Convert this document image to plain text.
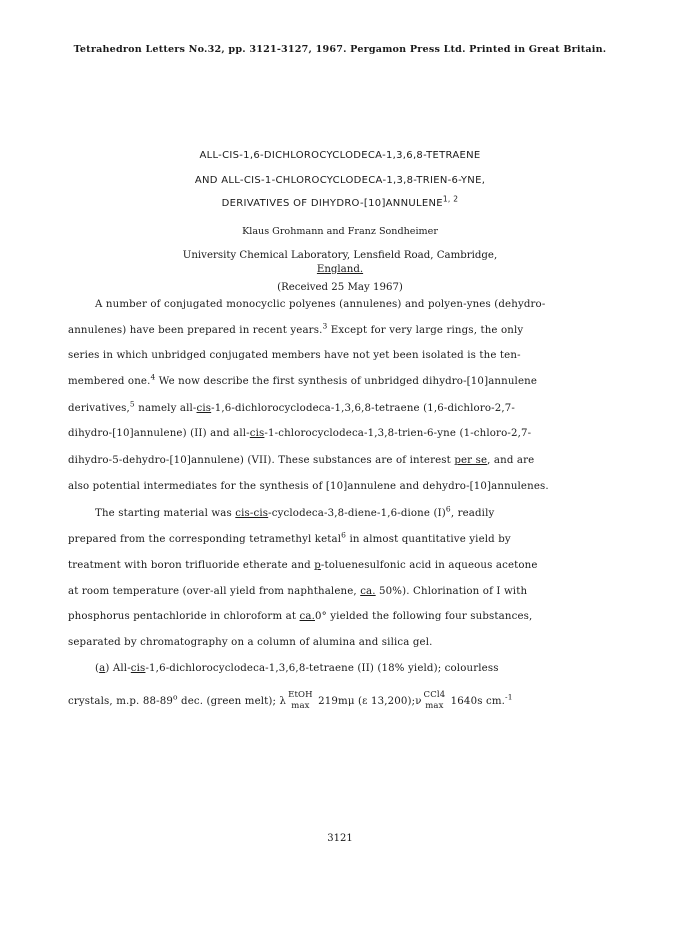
Tetrahedron Letters No.32, pp. 3121-3127, 1967. Pergamon Press Ltd. Printed in Great Britain.
ALL-CIS-1,6-DICHLOROCYCLODECA-1,3,6,8-TETRAENE
AND ALL-CIS-1-CHLOROCYCLODECA-1,3,8-TRIEN-6-YNE,
DERIVATIVES OF DIHYDRO-[10]ANNULENE$^{1, 2}$
Klaus Grohmann and Franz Sondheimer
University Chemical Laboratory, Lensfield Road, Cambridge,
England.
(Received 25 May 1967)
A number of conjugated monocyclic polyenes (annulenes) and polyen-ynes (dehydro-
annulenes) have been prepared in recent years.$^3$ Except for very large rings, the only
series in which unbridged conjugated members have not yet been isolated is the ten-
membered one.$^4$ We now describe the first synthesis of unbridged dihydro-[10]annulene
derivatives,$^5$ namely all-cis-1,6-dichlorocyclodeca-1,3,6,8-tetraene (1,6-dichloro-2,7-
dihydro-[10]annulene) (II) and all-cis-1-chlorocyclodeca-1,3,8-trien-6-yne (1-chloro-2,7-
dihydro-5-dehydro-[10]annulene) (VII). These substances are of interest per se, and are
also potential intermediates for the synthesis of [10]annulene and dehydro-[10]annulenes.
The starting material was cis-cis-cyclodeca-3,8-diene-1,6-dione $(I)^6$, readily
prepared from the corresponding tetramethyl ketal$^6$ in almost quantitative yield by
treatment with boron trifluoride etherate and p-toluenesulfonic acid in aqueous acetone
at room temperature (over-all yield from naphthalene, ca. 50%). Chlorination of I with
phosphorus pentachloride in chloroform at ca.0° yielded the following four substances,
separated by chromatography on a column of alumina and silica gel.
(a) All-cis-1,6-dichlorocyclodeca-1,3,6,8-tetraene (II) (18% yield); colourless
crystals, m.p. 88-89$^o$ dec. (green melt); λ
EtOH
max 219mμ (ε 13,200);ν
CCl4
max 1640s cm.$^{-1}$
3121
